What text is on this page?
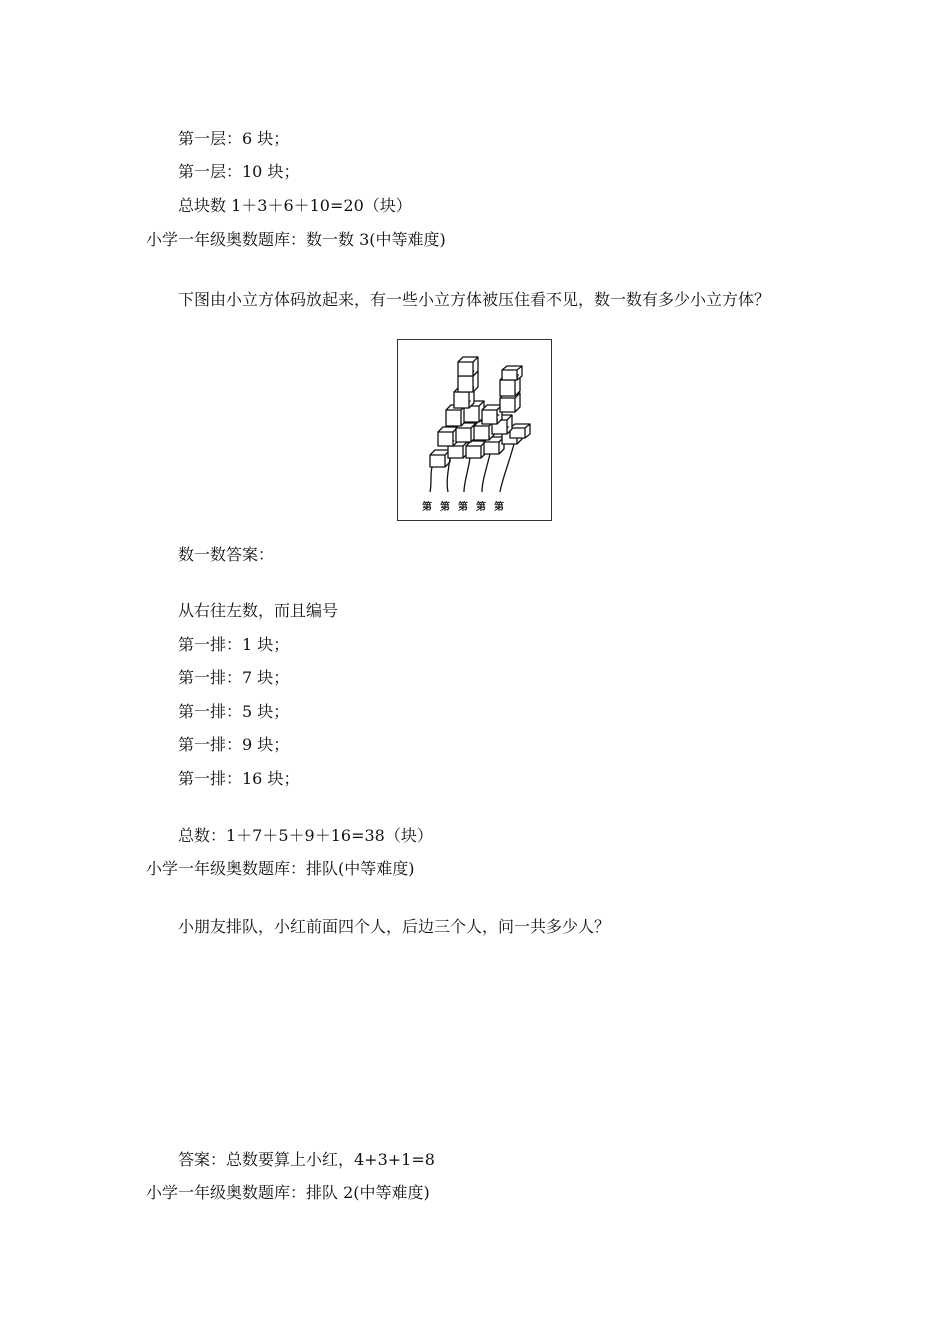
第一层：6 块；
第一层：10 块；
总块数 1＋3＋6＋10=20（块）
小学一年级奥数题库：数一数 3(中等难度)
下图由小立方体码放起来，有一些小立方体被压住看不见，数一数有多少小立方体？
第 第 第 第 第
数一数答案：
从右往左数，而且编号
第一排：1 块；
第一排：7 块；
第一排：5 块；
第一排：9 块；
第一排：16 块；
总数：1＋7＋5＋9＋16=38（块）
小学一年级奥数题库：排队(中等难度)
小朋友排队，小红前面四个人，后边三个人，问一共多少人？
答案：总数要算上小红，4+3+1=8
小学一年级奥数题库：排队 2(中等难度)
